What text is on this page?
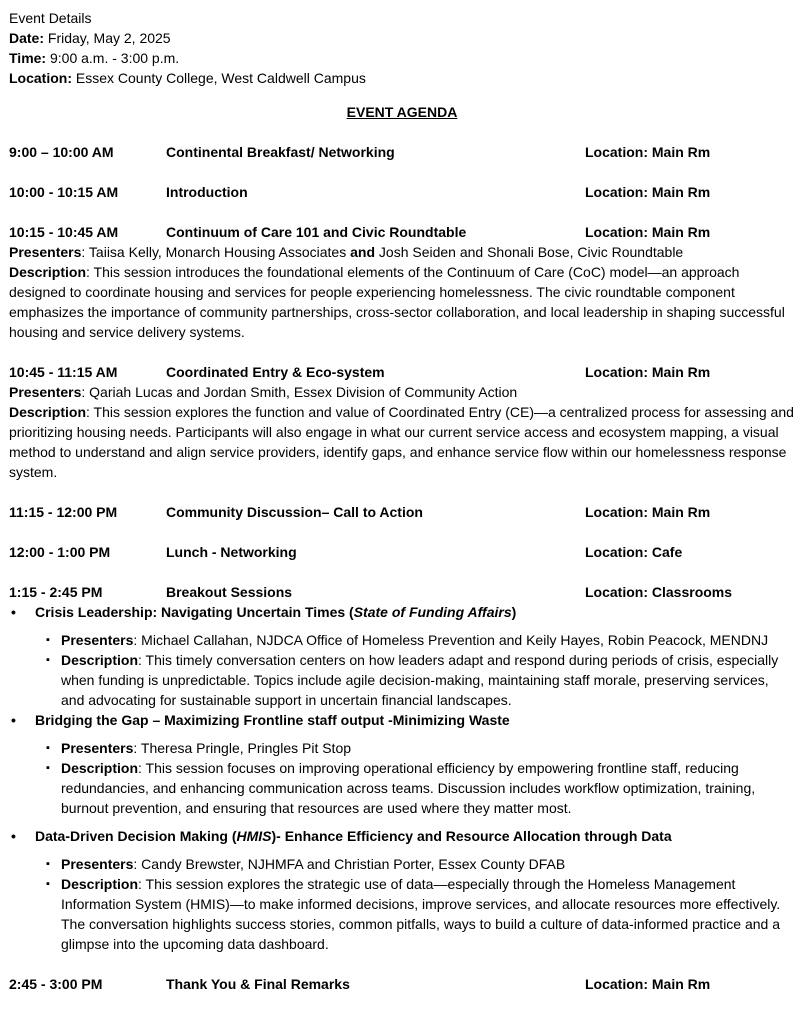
Event Details
Date: Friday, May 2, 2025
Time: 9:00 a.m. - 3:00 p.m.
Location: Essex County College, West Caldwell Campus
EVENT AGENDA
9:00 – 10:00 AM	Continental Breakfast/ Networking	Location: Main Rm
10:00 - 10:15 AM	Introduction	Location: Main Rm
10:15 - 10:45 AM	Continuum of Care 101 and Civic Roundtable	Location: Main Rm
Presenters: Taiisa Kelly, Monarch Housing Associates and Josh Seiden and Shonali Bose, Civic Roundtable
Description: This session introduces the foundational elements of the Continuum of Care (CoC) model—an approach designed to coordinate housing and services for people experiencing homelessness. The civic roundtable component emphasizes the importance of community partnerships, cross-sector collaboration, and local leadership in shaping successful housing and service delivery systems.
10:45 - 11:15 AM	Coordinated Entry & Eco-system	Location: Main Rm
Presenters: Qariah Lucas and Jordan Smith, Essex Division of Community Action
Description: This session explores the function and value of Coordinated Entry (CE)—a centralized process for assessing and prioritizing housing needs. Participants will also engage in what our current service access and ecosystem mapping, a visual method to understand and align service providers, identify gaps, and enhance service flow within our homelessness response system.
11:15 - 12:00 PM	Community Discussion– Call to Action	Location: Main Rm
12:00 - 1:00 PM	Lunch - Networking	Location: Cafe
1:15 - 2:45 PM	Breakout Sessions	Location: Classrooms
• Crisis Leadership: Navigating Uncertain Times (State of Funding Affairs)
▪ Presenters: Michael Callahan, NJDCA Office of Homeless Prevention and Keily Hayes, Robin Peacock, MENDNJ
▪ Description: This timely conversation centers on how leaders adapt and respond during periods of crisis, especially when funding is unpredictable. Topics include agile decision-making, maintaining staff morale, preserving services, and advocating for sustainable support in uncertain financial landscapes.
• Bridging the Gap – Maximizing Frontline staff output -Minimizing Waste
▪ Presenters: Theresa Pringle, Pringles Pit Stop
▪ Description: This session focuses on improving operational efficiency by empowering frontline staff, reducing redundancies, and enhancing communication across teams. Discussion includes workflow optimization, training, burnout prevention, and ensuring that resources are used where they matter most.
• Data-Driven Decision Making (HMIS)- Enhance Efficiency and Resource Allocation through Data
▪ Presenters: Candy Brewster, NJHMFA and Christian Porter, Essex County DFAB
▪ Description: This session explores the strategic use of data—especially through the Homeless Management Information System (HMIS)—to make informed decisions, improve services, and allocate resources more effectively. The conversation highlights success stories, common pitfalls, ways to build a culture of data-informed practice and a glimpse into the upcoming data dashboard.
2:45 - 3:00 PM	Thank You & Final Remarks	Location: Main Rm
